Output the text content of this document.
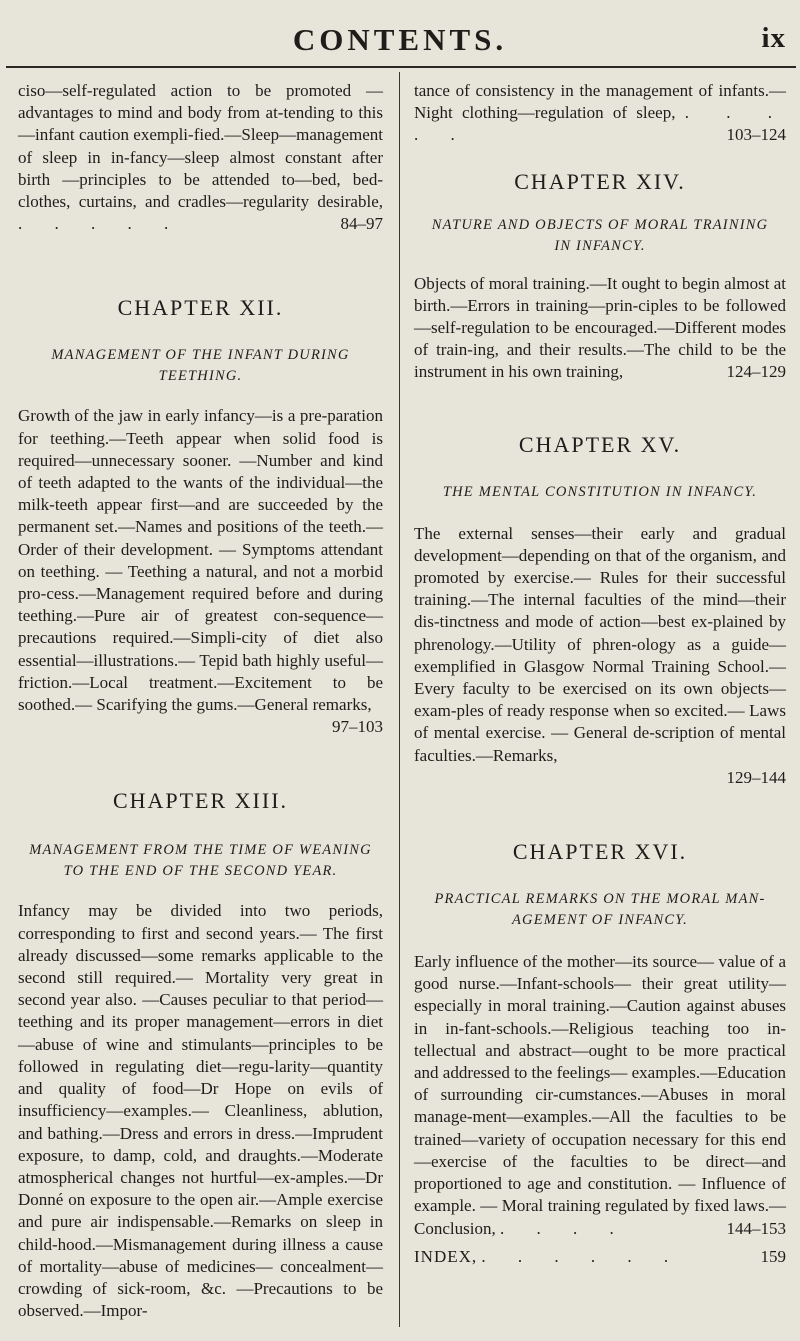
CONTENTS.	ix

ciso—self-regulated action to be promoted —advantages to mind and body from at-tending to this—infant caution exempli-fied.—Sleep—management of sleep in in-fancy—sleep almost constant after birth —principles to be attended to—bed, bed-clothes, curtains, and cradles—regularity desirable, . . . . .	84–97

CHAPTER XII.

MANAGEMENT OF THE INFANT DURING TEETHING.

Growth of the jaw in early infancy—is a pre-paration for teething.—Teeth appear when solid food is required—unnecessary sooner. —Number and kind of teeth adapted to the wants of the individual—the milk-teeth appear first—and are succeeded by the permanent set.—Names and positions of the teeth.—Order of their development. — Symptoms attendant on teething. — Teething a natural, and not a morbid pro-cess.—Management required before and during teething.—Pure air of greatest con-sequence—precautions required.—Simpli-city of diet also essential—illustrations.— Tepid bath highly useful—friction.—Local treatment.—Excitement to be soothed.— Scarifying the gums.—General remarks,
97–103

CHAPTER XIII.

MANAGEMENT FROM THE TIME OF WEANING TO THE END OF THE SECOND YEAR.

Infancy may be divided into two periods, corresponding to first and second years.— The first already discussed—some remarks applicable to the second still required.— Mortality very great in second year also. —Causes peculiar to that period—teething and its proper management—errors in diet —abuse of wine and stimulants—principles to be followed in regulating diet—regu-larity—quantity and quality of food—Dr Hope on evils of insufficiency—examples.— Cleanliness, ablution, and bathing.—Dress and errors in dress.—Imprudent exposure, to damp, cold, and draughts.—Moderate atmospherical changes not hurtful—ex-amples.—Dr Donné on exposure to the open air.—Ample exercise and pure air indispensable.—Remarks on sleep in child-hood.—Mismanagement during illness a cause of mortality—abuse of medicines— concealment—crowding of sick-room, &c. —Precautions to be observed.—Impor-

tance of consistency in the management of infants.—Night clothing—regulation of sleep, . . . . .	103–124

CHAPTER XIV.

NATURE AND OBJECTS OF MORAL TRAINING IN INFANCY.

Objects of moral training.—It ought to begin almost at birth.—Errors in training—prin-ciples to be followed—self-regulation to be encouraged.—Different modes of train-ing, and their results.—The child to be the instrument in his own training,	124–129

CHAPTER XV.

THE MENTAL CONSTITUTION IN INFANCY.

The external senses—their early and gradual development—depending on that of the organism, and promoted by exercise.— Rules for their successful training.—The internal faculties of the mind—their dis-tinctness and mode of action—best ex-plained by phrenology.—Utility of phren-ology as a guide—exemplified in Glasgow Normal Training School.—Every faculty to be exercised on its own objects—exam-ples of ready response when so excited.— Laws of mental exercise. — General de-scription of mental faculties.—Remarks,
129–144

CHAPTER XVI.

PRACTICAL REMARKS ON THE MORAL MAN-AGEMENT OF INFANCY.

Early influence of the mother—its source— value of a good nurse.—Infant-schools— their great utility—especially in moral training.—Caution against abuses in in-fant-schools.—Religious teaching too in-tellectual and abstract—ought to be more practical and addressed to the feelings— examples.—Education of surrounding cir-cumstances.—Abuses in moral manage-ment—examples.—All the faculties to be trained—variety of occupation necessary for this end—exercise of the faculties to be direct—and proportioned to age and constitution. — Influence of example. — Moral training regulated by fixed laws.— Conclusion, . . . .	144–153

INDEX, . . . . . .	159
